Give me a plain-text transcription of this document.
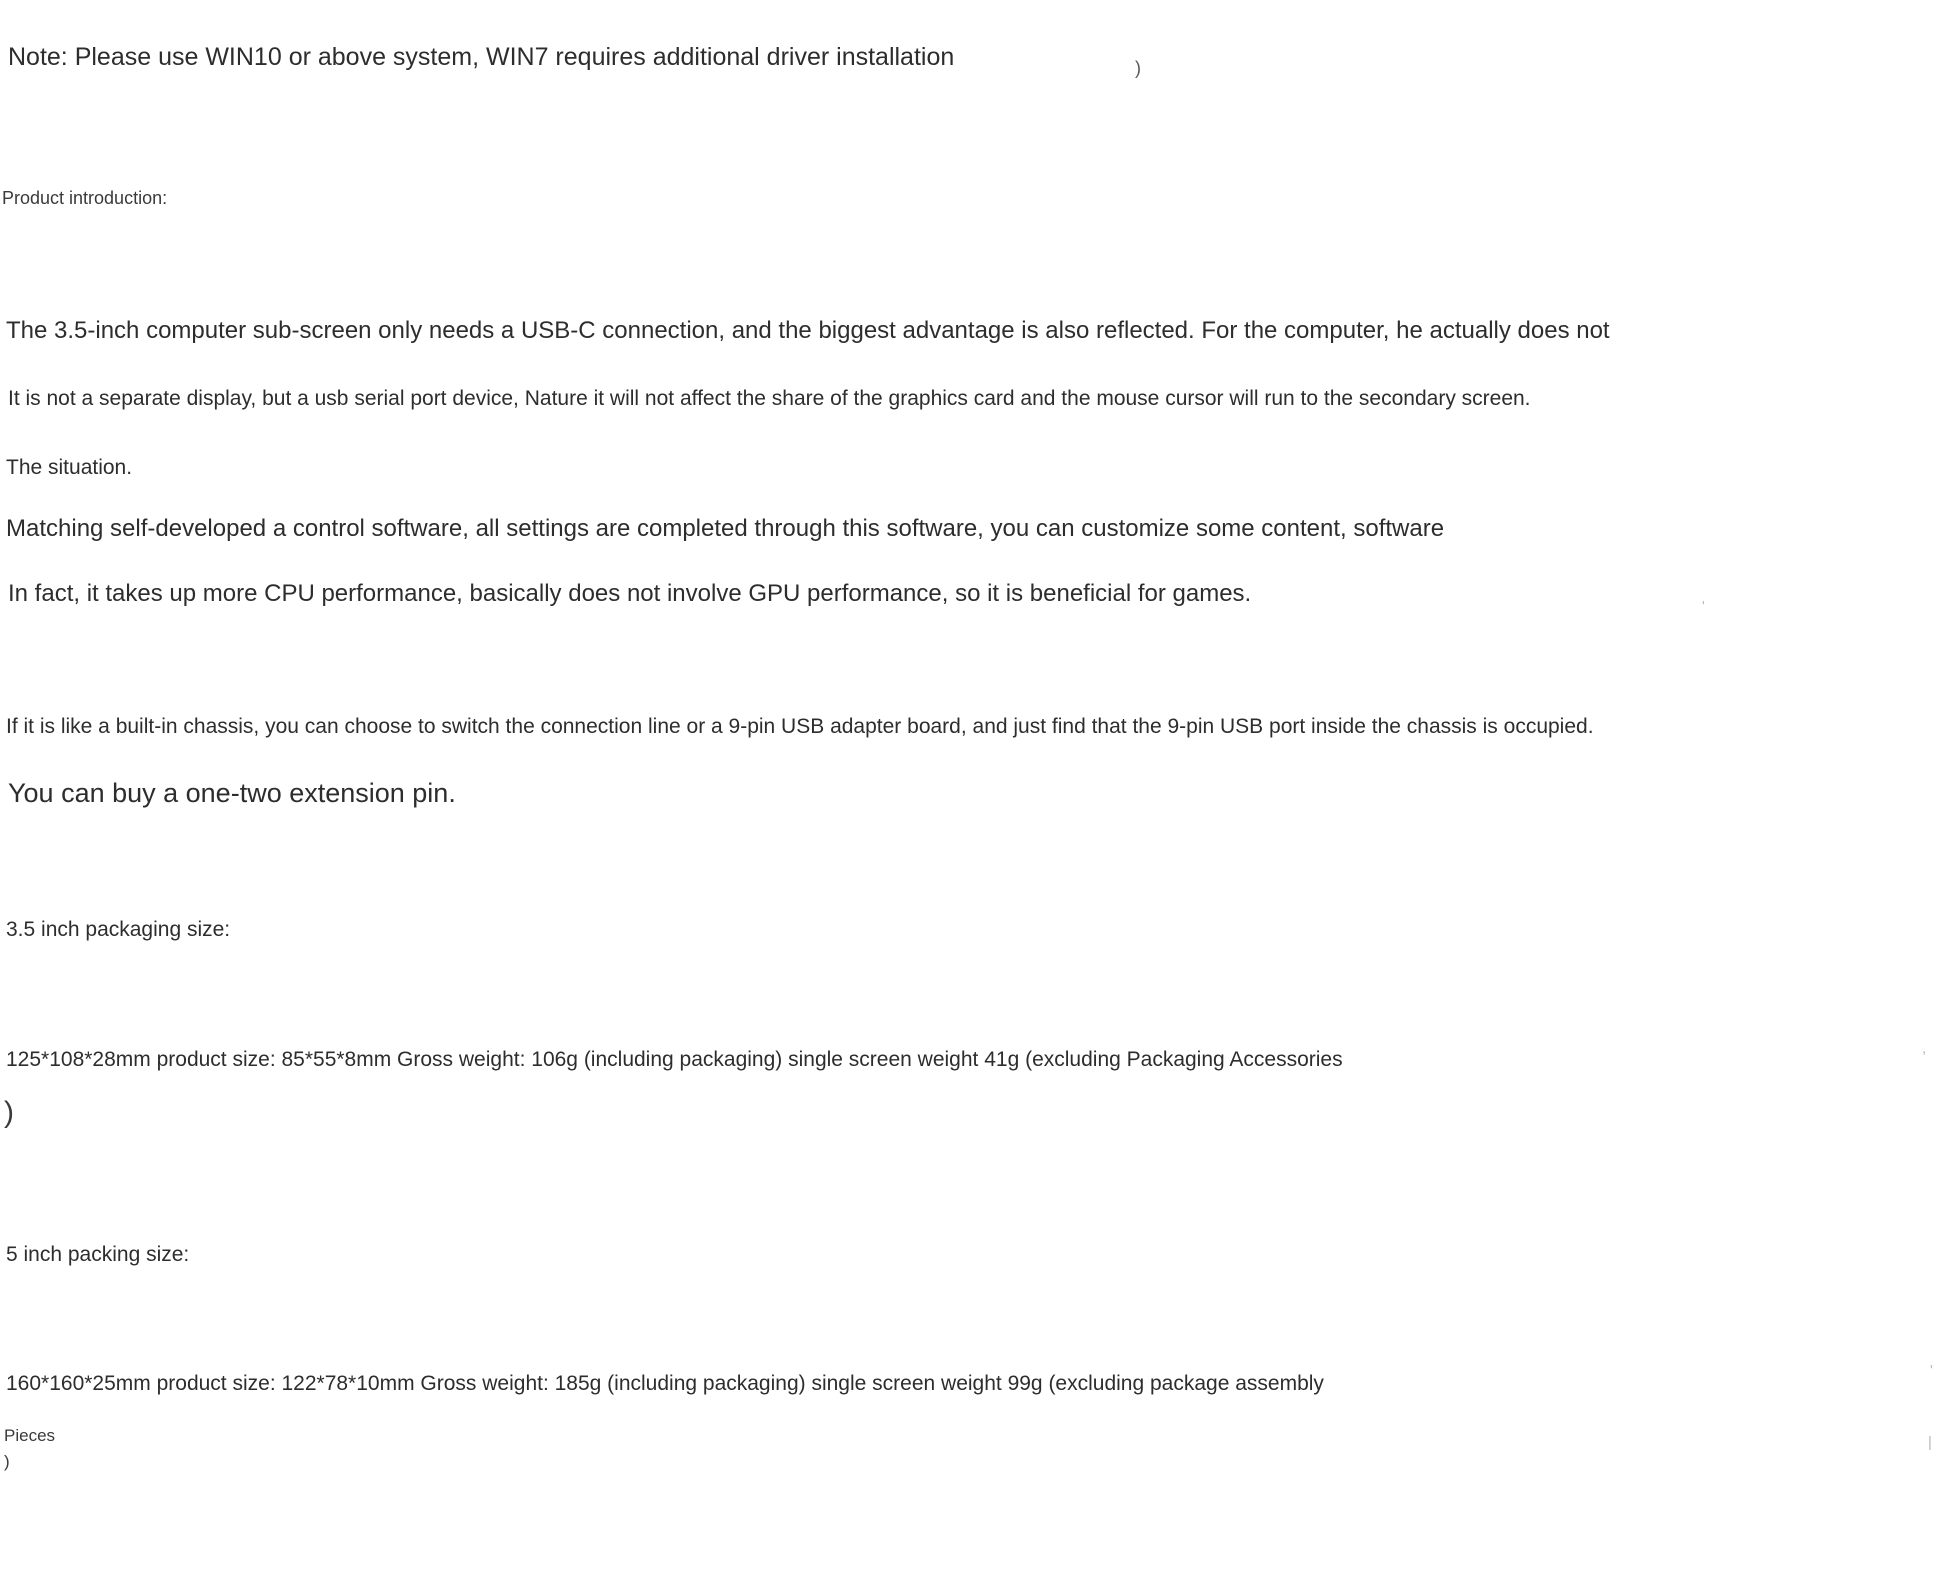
Note: Please use WIN10 or above system, WIN7 requires additional driver installation	)
Product introduction:
The 3.5-inch computer sub-screen only needs a USB-C connection, and the biggest advantage is also reflected. For the computer, he actually does not
It is not a separate display, but a usb serial port device, Nature it will not affect the share of the graphics card and the mouse cursor will run to the secondary screen.
The situation.
Matching self-developed a control software, all settings are completed through this software, you can customize some content, software
In fact, it takes up more CPU performance, basically does not involve GPU performance, so it is beneficial for games.
If it is like a built-in chassis, you can choose to switch the connection line or a 9-pin USB adapter board, and just find that the 9-pin USB port inside the chassis is occupied.
You can buy a one-two extension pin.
3.5 inch packaging size:
125*108*28mm product size: 85*55*8mm Gross weight: 106g (including packaging) single screen weight 41g (excluding Packaging Accessories
)
5 inch packing size:
160*160*25mm product size: 122*78*10mm Gross weight: 185g (including packaging) single screen weight 99g (excluding package assembly
Pieces
)
'
,
'
|
